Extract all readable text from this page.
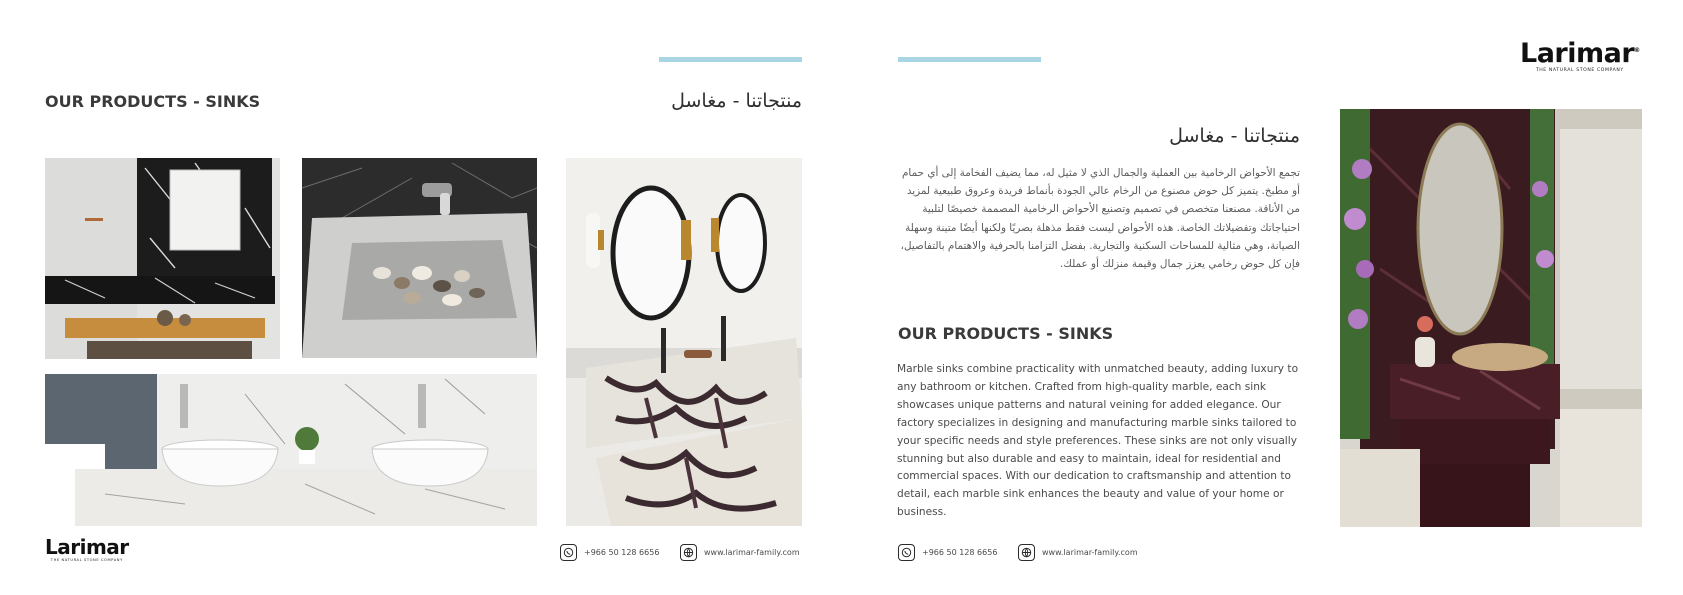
OUR PRODUCTS - SINKS	منتجاتنا - مغاسل
Larimar
THE NATURAL STONE COMPANY
+966 50 128 6656	www.larimar-family.com
Larimar®
THE NATURAL STONE COMPANY
منتجاتنا - مغاسل
تجمع الأحواض الرخامية بين العملية والجمال الذي لا مثيل له، مما يضيف الفخامة إلى أي حمام أو مطبخ. يتميز كل حوض مصنوع من الرخام عالي الجودة بأنماط فريدة وعروق طبيعية لمزيد من الأناقة. مصنعنا متخصص في تصميم وتصنيع الأحواض الرخامية المصممة خصيصًا لتلبية احتياجاتك وتفضيلاتك الخاصة. هذه الأحواض ليست فقط مذهلة بصريًا ولكنها أيضًا متينة وسهلة الصيانة، وهي مثالية للمساحات السكنية والتجارية. بفضل التزامنا بالحرفية والاهتمام بالتفاصيل، فإن كل حوض رخامي يعزز جمال وقيمة منزلك أو عملك.
OUR PRODUCTS - SINKS
Marble sinks combine practicality with unmatched beauty, adding luxury to any bathroom or kitchen. Crafted from high-quality marble, each sink showcases unique patterns and natural veining for added elegance. Our factory specializes in designing and manufacturing marble sinks tailored to your specific needs and style preferences. These sinks are not only visually stunning but also durable and easy to maintain, ideal for residential and commercial spaces. With our dedication to craftsmanship and attention to detail, each marble sink enhances the beauty and value of your home or business.
+966 50 128 6656	www.larimar-family.com
